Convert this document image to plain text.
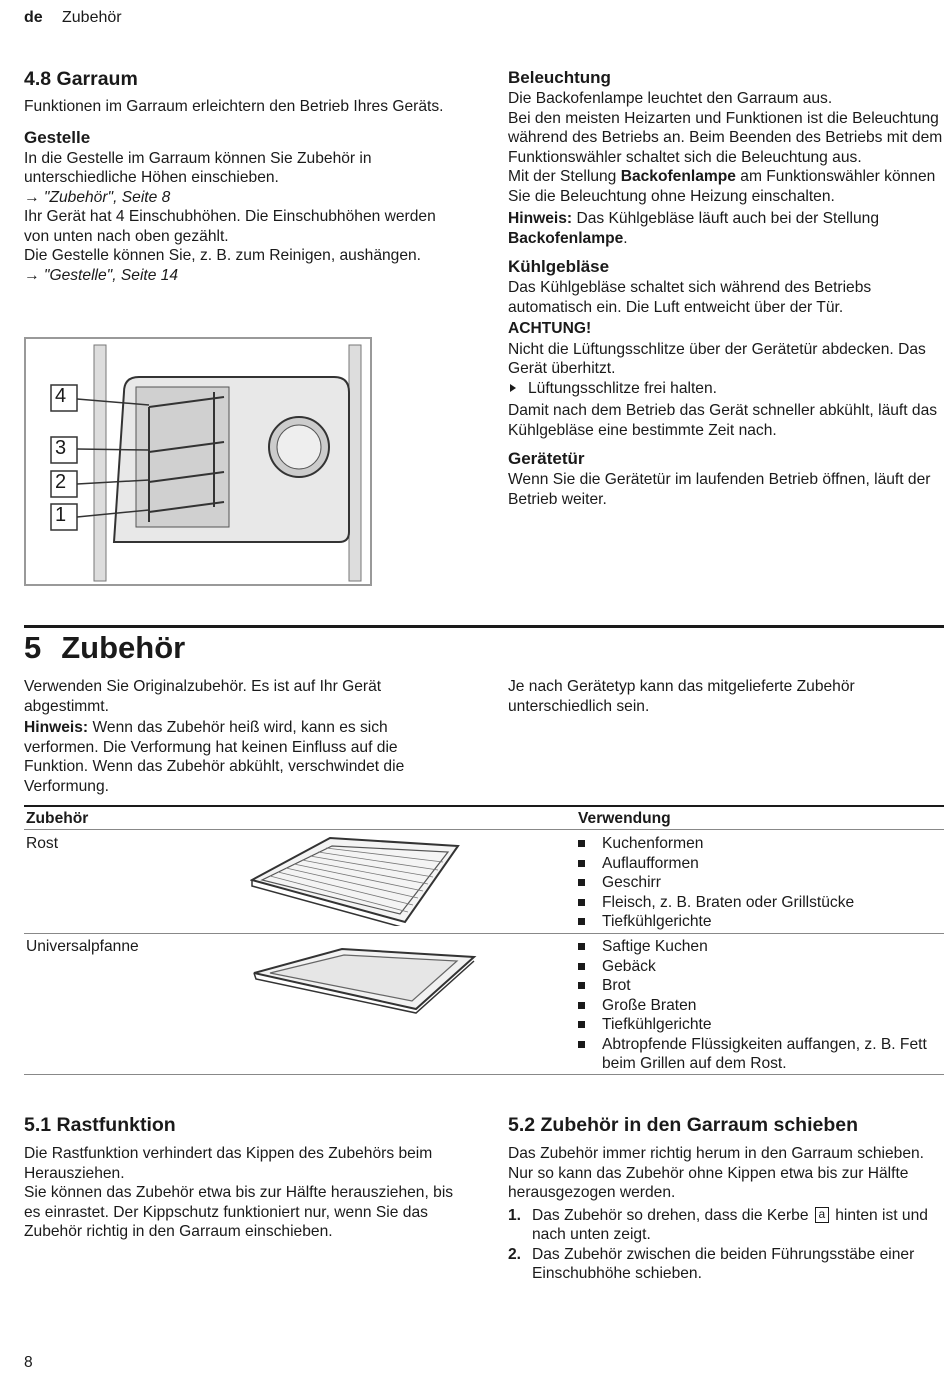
de Zubehör
4.8 Garraum

Funktionen im Garraum erleichtern den Betrieb Ihres Geräts.

Gestelle

In die Gestelle im Garraum können Sie Zubehör in unterschiedliche Höhen einschieben.

→ "Zubehör", Seite 8

Ihr Gerät hat 4 Einschubhöhen. Die Einschubhöhen werden von unten nach oben gezählt.

Die Gestelle können Sie, z. B. zum Reinigen, aushängen.

→ "Gestelle", Seite 14

4
3
2
1
Beleuchtung

Die Backofenlampe leuchtet den Garraum aus.

Bei den meisten Heizarten und Funktionen ist die Beleuchtung während des Betriebs an. Beim Beenden des Betriebs mit dem Funktionswähler schaltet sich die Beleuchtung aus.

Mit der Stellung Backofenlampe am Funktionswähler können Sie die Beleuchtung ohne Heizung einschalten.

Hinweis: Das Kühlgebläse läuft auch bei der Stellung Backofenlampe.

Kühlgebläse

Das Kühlgebläse schaltet sich während des Betriebs automatisch ein. Die Luft entweicht über der Tür.

ACHTUNG!

Nicht die Lüftungsschlitze über der Gerätetür abdecken. Das Gerät überhitzt.

Lüftungsschlitze frei halten.

Damit nach dem Betrieb das Gerät schneller abkühlt, läuft das Kühlgebläse eine bestimmte Zeit nach.

Gerätetür

Wenn Sie die Gerätetür im laufenden Betrieb öffnen, läuft der Betrieb weiter.

5 Zubehör

Verwenden Sie Originalzubehör. Es ist auf Ihr Gerät abgestimmt.

Hinweis: Wenn das Zubehör heiß wird, kann es sich verformen. Die Verformung hat keinen Einfluss auf die Funktion. Wenn das Zubehör abkühlt, verschwindet die Verformung.

Je nach Gerätetyp kann das mitgelieferte Zubehör unterschiedlich sein.

Zubehör	Verwendung
Rost	Kuchenformen
Auflaufformen
Geschirr
Fleisch, z. B. Braten oder Grillstücke
Tiefkühlgerichte
Universalpfanne	Saftige Kuchen
Gebäck
Brot
Große Braten
Tiefkühlgerichte
Abtropfende Flüssigkeiten auffangen, z. B. Fett beim Grillen auf dem Rost.
5.1 Rastfunktion

Die Rastfunktion verhindert das Kippen des Zubehörs beim Herausziehen.

Sie können das Zubehör etwa bis zur Hälfte herausziehen, bis es einrastet. Der Kippschutz funktioniert nur, wenn Sie das Zubehör richtig in den Garraum einschieben.

5.2 Zubehör in den Garraum schieben

Das Zubehör immer richtig herum in den Garraum schieben. Nur so kann das Zubehör ohne Kippen etwa bis zur Hälfte herausgezogen werden.

1. Das Zubehör so drehen, dass die Kerbe a hinten ist und nach unten zeigt.
2. Das Zubehör zwischen die beiden Führungsstäbe einer Einschubhöhe schieben.
8
